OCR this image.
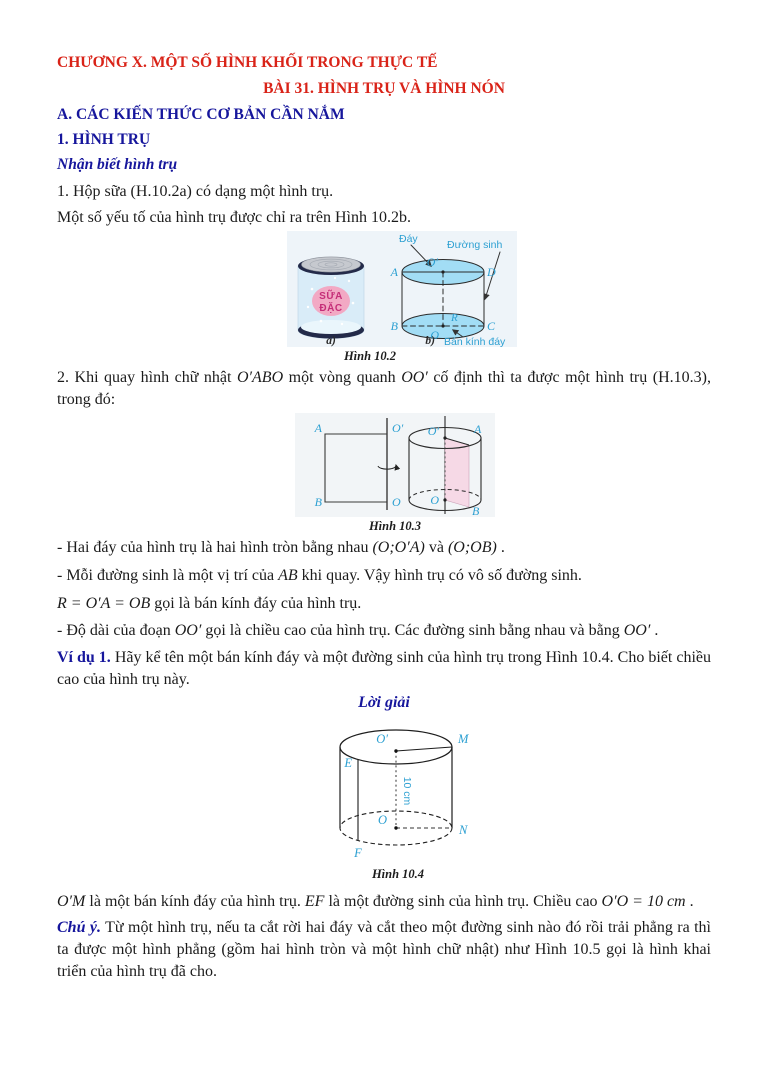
CHƯƠNG X. MỘT SỐ HÌNH KHỐI TRONG THỰC TẾ
BÀI 31. HÌNH TRỤ VÀ HÌNH NÓN
A. CÁC KIẾN THỨC CƠ BẢN CẦN NẮM
1. HÌNH TRỤ
Nhận biết hình trụ

1. Hộp sữa (H.10.2a) có dạng một hình trụ.

Một số yếu tố của hình trụ được chỉ ra trên Hình 10.2b.

SỮA
ĐẶC
a)
Đáy	Đường sinh
Bán kính đáy
A
O′
D
B
O
C
R
b)
Hình 10.2

2. Khi quay hình chữ nhật O′ABO một vòng quanh OO′ cố định thì ta được một hình trụ (H.10.3), trong đó:

A	O′
B	O
O′	A
O
B
Hình 10.3

- Hai đáy của hình trụ là hai hình tròn bằng nhau (O;O′A) và (O;OB) .

- Mỗi đường sinh là một vị trí của AB khi quay. Vậy hình trụ có vô số đường sinh.

R = O′A = OB gọi là bán kính đáy của hình trụ.

- Độ dài của đoạn OO′ gọi là chiều cao của hình trụ. Các đường sinh bằng nhau và bằng OO′ .

Ví dụ 1. Hãy kể tên một bán kính đáy và một đường sinh của hình trụ trong Hình 10.4. Cho biết chiều cao của hình trụ này.

Lời giải
O′	M
E
O
N
F
10 cm
Hình 10.4

O′M là một bán kính đáy của hình trụ. EF là một đường sinh của hình trụ. Chiều cao O′O = 10 cm .

Chú ý. Từ một hình trụ, nếu ta cắt rời hai đáy và cắt theo một đường sinh nào đó rồi trải phẳng ra thì ta được một hình phẳng (gồm hai hình tròn và một hình chữ nhật) như Hình 10.5 gọi là hình khai triển của hình trụ đã cho.
